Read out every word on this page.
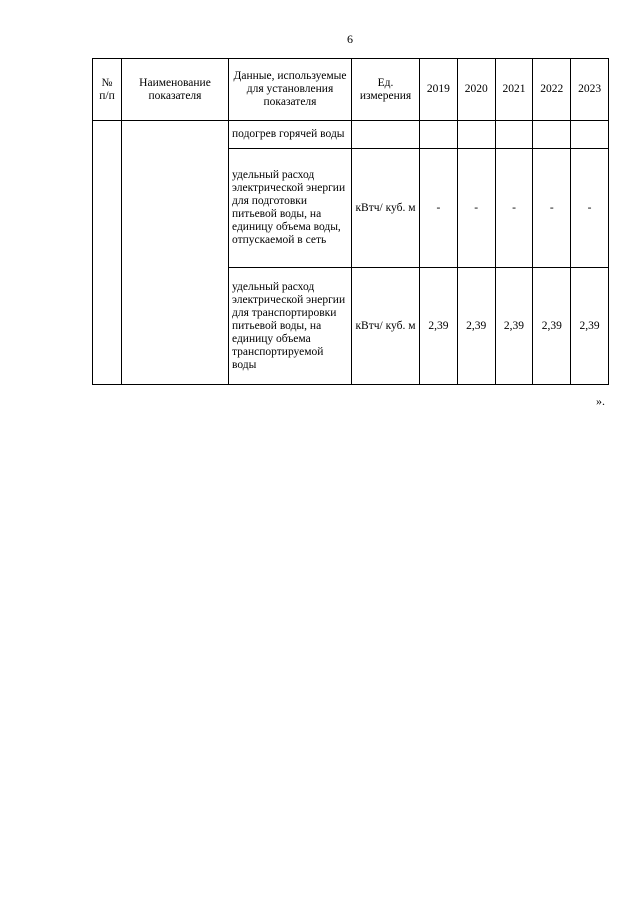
6
№ п/п	Наименование показателя	Данные, используемые для установления показателя	Ед. измерения	2019	2020	2021	2022	2023
		подогрев горячей воды						
		удельный расход электрической энергии для подготовки питьевой воды, на единицу объема воды, отпускаемой в сеть	кВтч/ куб. м	-	-	-	-	-
		удельный расход электрической энергии для транспортировки питьевой воды, на единицу объема транспортируемой воды	кВтч/ куб. м	2,39	2,39	2,39	2,39	2,39
».
